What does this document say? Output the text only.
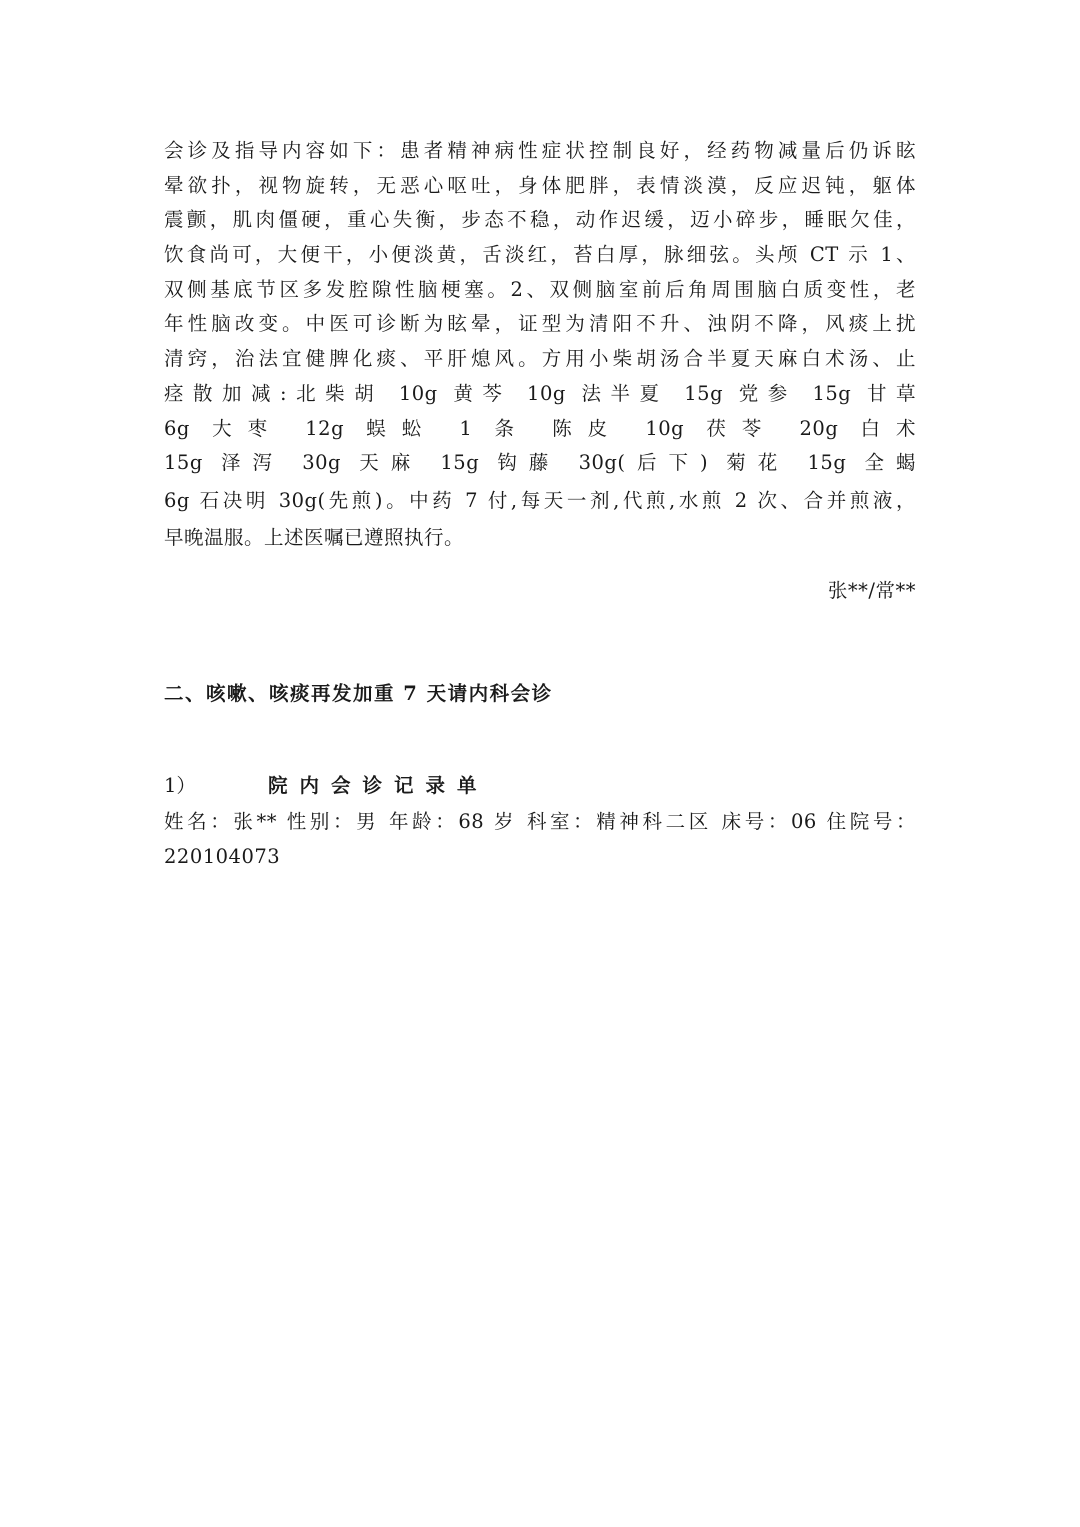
会诊及指导内容如下：患者精神病性症状控制良好，经药物减量后仍诉眩
晕欲扑，视物旋转，无恶心呕吐，身体肥胖，表情淡漠，反应迟钝，躯体
震颤，肌肉僵硬，重心失衡，步态不稳，动作迟缓，迈小碎步，睡眠欠佳，
饮食尚可，大便干，小便淡黄，舌淡红，苔白厚，脉细弦。头颅 CT 示 1、
双侧基底节区多发腔隙性脑梗塞。2、双侧脑室前后角周围脑白质变性，老
年性脑改变。中医可诊断为眩晕，证型为清阳不升、浊阴不降，风痰上扰
清窍，治法宜健脾化痰、平肝熄风。方用小柴胡汤合半夏天麻白术汤、止
痉散加减:北柴胡 10g 黄芩 10g 法半夏 15g 党参 15g 甘草
6g 大枣 12g 蜈蚣 1 条 陈皮 10g 茯苓 20g 白术
15g 泽泻 30g 天麻 15g 钩藤 30g(后下) 菊花 15g 全蝎
6g 石决明 30g(先煎)。中药 7 付,每天一剂,代煎,水煎 2 次、合并煎液，
早晚温服。上述医嘱已遵照执行。
张**/常**
二、咳嗽、咳痰再发加重 7 天请内科会诊
1）	院内会诊记录单
姓名：张** 性别：男 年龄：68 岁 科室：精神科二区 床号：06 住院号：
220104073
